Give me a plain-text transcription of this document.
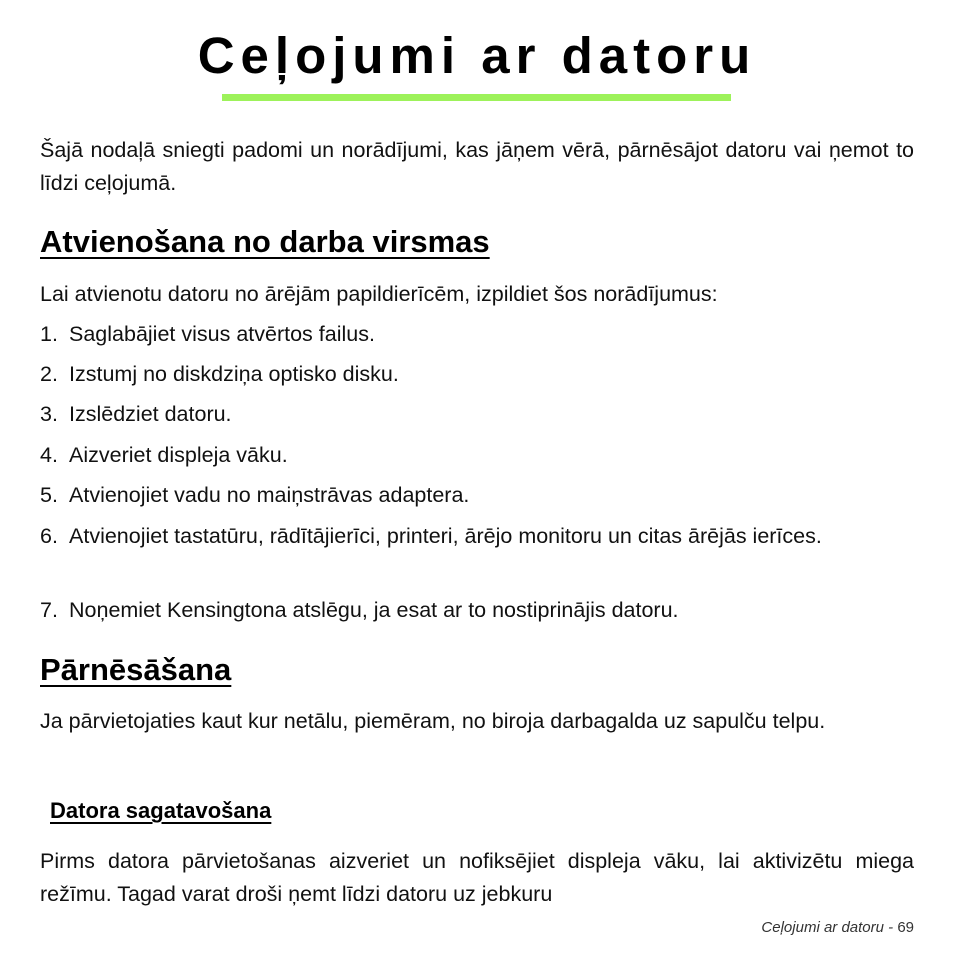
Ceļojumi ar datoru

Šajā nodaļā sniegti padomi un norādījumi, kas jāņem vērā, pārnēsājot datoru vai ņemot to līdzi ceļojumā.

Atvienošana no darba virsmas

Lai atvienotu datoru no ārējām papildierīcēm, izpildiet šos norādījumus:

1. Saglabājiet visus atvērtos failus.
2. Izstumj no diskdziņa optisko disku.
3. Izslēdziet datoru.
4. Aizveriet displeja vāku.
5. Atvienojiet vadu no maiņstrāvas adaptera.
6. Atvienojiet tastatūru, rādītājierīci, printeri, ārējo monitoru un citas ārējās ierīces.
7. Noņemiet Kensingtona atslēgu, ja esat ar to nostiprinājis datoru.
Pārnēsāšana

Ja pārvietojaties kaut kur netālu, piemēram, no biroja darbagalda uz sapulču telpu.

Datora sagatavošana

Pirms datora pārvietošanas aizveriet un nofiksējiet displeja vāku, lai aktivizētu miega režīmu. Tagad varat droši ņemt līdzi datoru uz jebkuru

Ceļojumi ar datoru - 69
